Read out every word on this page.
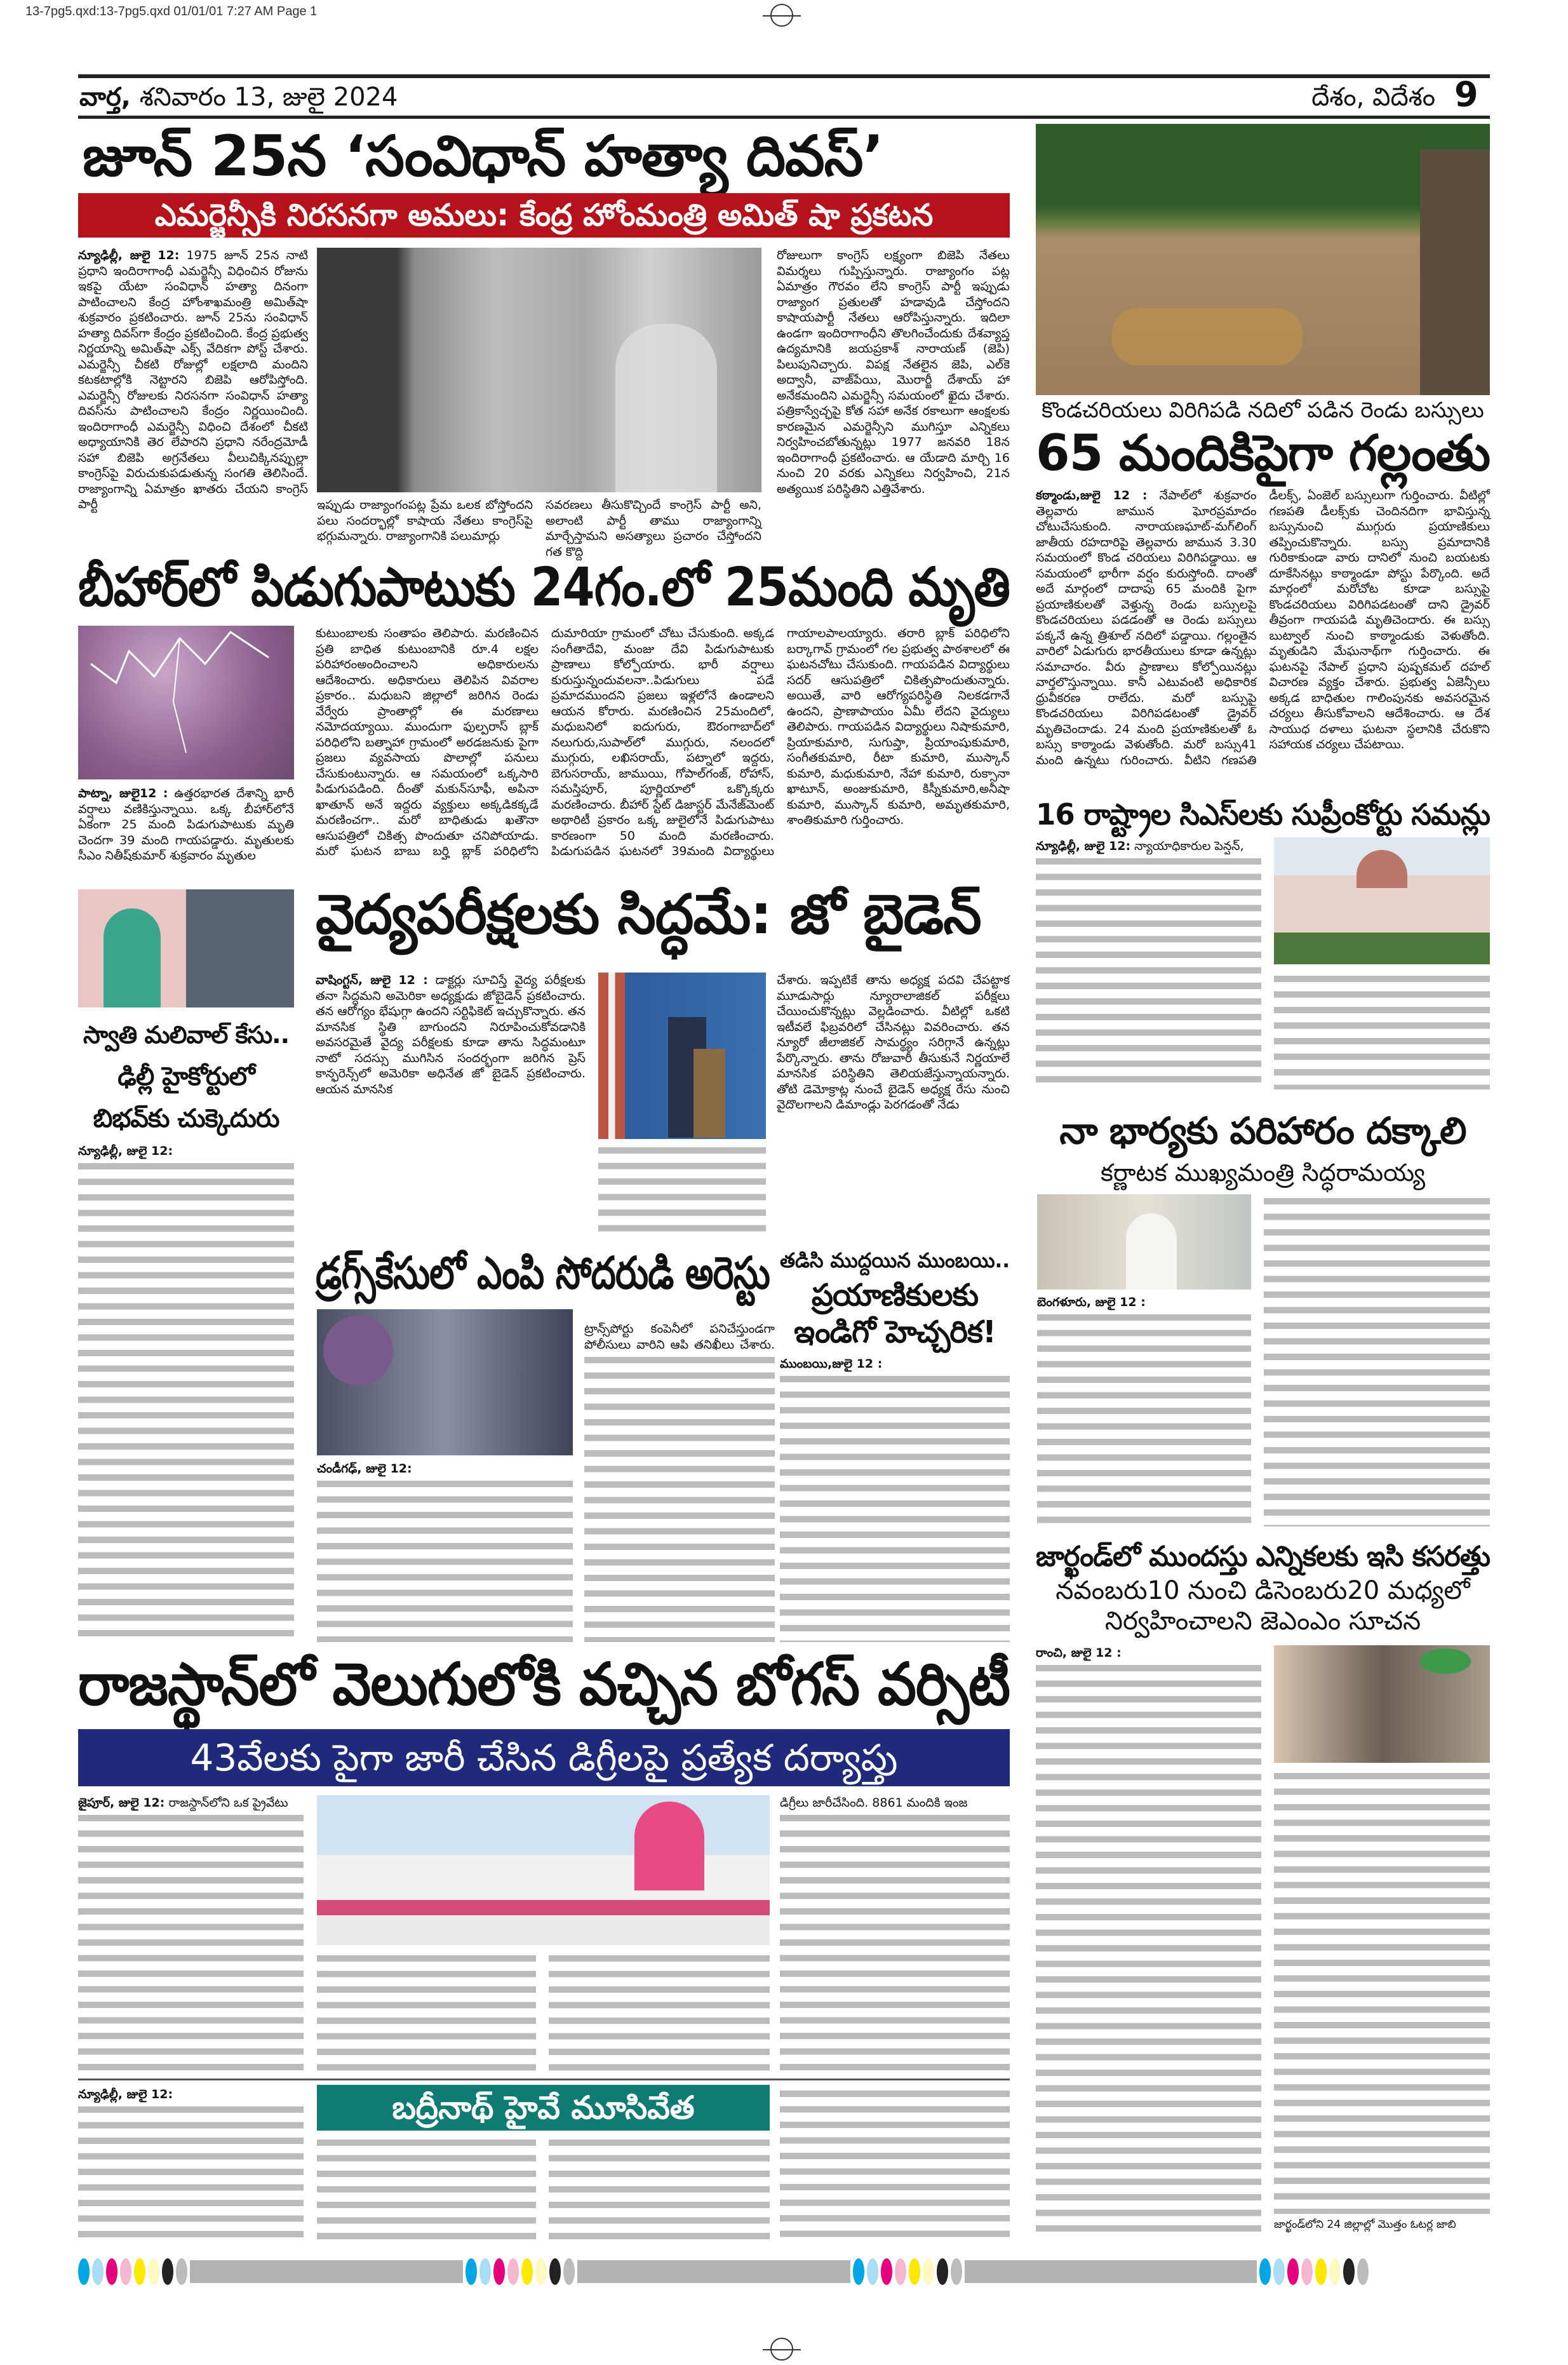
13-7pg5.qxd:13-7pg5.qxd 01/01/01 7:27 AM Page 1
వార్త, శనివారం 13, జులై 2024	దేశం, విదేశం 9
జూన్ 25న ‘సంవిధాన్ హత్యా దివస్’
ఎమర్జెన్సీకి నిరసనగా అమలు: కేంద్ర హోంమంత్రి అమిత్ షా ప్రకటన
న్యూఢిల్లీ, జులై 12: 1975 జూన్ 25న నాటి ప్రధాని ఇందిరాగాంధీ ఎమర్జెన్సీ విధించిన రోజును ఇకపై యేటా సంవిధాన్ హత్యా దినంగా పాటించాలని కేంద్ర హోంశాఖమంత్రి అమిత్‌షా శుక్రవారం ప్రకటించారు. జూన్ 25ను సంవిధాన్ హత్యా దివస్‌గా కేంద్రం ప్రకటించింది. కేంద్ర ప్రభుత్వ నిర్ణయాన్ని అమిత్‌షా ఎక్స్ వేదికగా పోస్ట్ చేశారు. ఎమర్జెన్సీ చీకటి రోజుల్లో లక్షలాది మందిని కటకటాల్లోకి నెట్టారని బిజెపి ఆరోపిస్తోంది. ఎమర్జెన్సీ రోజులకు నిరసనగా సంవిధాన్ హత్యా దివస్‌ను పాటించాలని కేంద్రం నిర్ణయించింది. ఇందిరాగాంధీ ఎమర్జెన్సీ విధించి దేశంలో చీకటి అధ్యాయానికి తెర లేపారని ప్రధాని నరేంద్రమోడీ సహా బిజెపి అగ్రనేతలు వీలుచిక్కినప్పుల్లా కాంగ్రెస్‌పై విరుచుకుపడుతున్న సంగతి తెలిసిందే. రాజ్యాంగాన్ని ఏమాత్రం ఖాతరు చేయని కాంగ్రెస్ పార్టీ	ఇప్పుడు రాజ్యాంగంపట్ల ప్రేమ ఒలక బోస్తోందని పలు సందర్భాల్లో కాషాయ నేతలు కాంగ్రెస్‌పై భగ్గుమన్నారు. రాజ్యాంగానికి పలుమార్లు
సవరణలు తీసుకొచ్చిందే కాంగ్రెస్ పార్టీ అని, అలాంటి పార్టీ తాము రాజ్యాంగాన్ని మార్చేస్తామని అసత్యాలు ప్రచారం చేస్తోందని గత కొద్ది
రోజులుగా కాంగ్రెస్ లక్ష్యంగా బిజెపి నేతలు విమర్శలు గుప్పిస్తున్నారు. రాజ్యాంగం పట్ల ఏమాత్రం గౌరవం లేని కాంగ్రెస్ పార్టీ ఇప్పుడు రాజ్యాంగ ప్రతులతో హడావుడి చేస్తోందని కాషాయపార్టీ నేతలు ఆరోపిస్తున్నారు. ఇదిలా ఉండగా ఇందిరాగాంధీని తొలగించేందుకు దేశవ్యాప్త ఉద్యమానికి జయప్రకాశ్ నారాయణ్ (జెపి) పిలుపునిచ్చారు. విపక్ష నేతలైన జెపి, ఎల్‌కె అద్వానీ, వాజ్‌పేయి, మొరార్జీ దేశాయ్ హా అనేకమందిని ఎమర్జెన్సీ సమయంలో ఖైదు చేశారు. పత్రికాస్వేచ్ఛపై కోత సహా అనేక రకాలుగా ఆంక్షలకు కారణమైన ఎమర్జెన్సీని ముగిస్తూ ఎన్నికలు నిర్వహించబోతున్నట్లు 1977 జనవరి 18న ఇందిరాగాంధీ ప్రకటించారు. ఆ యేడాది మార్చి 16 నుంచి 20 వరకు ఎన్నికలు నిర్వహించి, 21న అత్యయిక పరిస్థితిని ఎత్తివేశారు.
కొండచరియలు విరిగిపడి నదిలో పడిన రెండు బస్సులు
65 మందికిపైగా గల్లంతు
కఠ్మాండు,జులై 12 : నేపాల్‌లో శుక్రవారం తెల్లవారు జామున ఘోరప్రమాదం చోటుచేసుకుంది. నారాయణఘాట్-మగ్‌లింగ్ జాతీయ రహదారిపై తెల్లవారు జామున 3.30 సమయంలో కొండ చరియలు విరిగిపడ్డాయి. ఆ సమయంలో భారీగా వర్షం కురుస్తోంది. దాంతో అదే మార్గంలో దాదాపు 65 మందికి పైగా ప్రయాణికులతో వెళ్తున్న రెండు బస్సులపై కొండచరియలు పడడంతో ఆ రెండు బస్సులు పక్కనే ఉన్న త్రిశూల్ నదిలో పడ్డాయి. గల్లంతైన వారిలో ఏడుగురు భారతీయులు కూడా ఉన్నట్లు సమాచారం. వీరు ప్రాణాలు కోల్పోయినట్లు వార్తలొస్తున్నాయి. కానీ ఎటువంటి అధికారిక ధ్రువీకరణ రాలేదు. మరో బస్సుపై కొండచరియలు విరిగిపడటంతో డ్రైవర్ మృతిచెందాడు. 24 మంది ప్రయాణికులతో ఓ బస్సు కాఠ్మాండు వెళుతోంది. మరో బస్సు41 మంది ఉన్నటు గురించారు. వీటిని గణపతి డీలక్స్, ఏంజెల్ బస్సులుగా గుర్తించారు. వీటిల్లో గణపతి డీలక్స్‌కు చెందినదిగా భావిస్తున్న బస్సునుంచి ముగ్గురు ప్రయాణికులు తప్పించుకొన్నారు. బస్సు ప్రమాదానికి గురికాకుండా వారు దానిలో నుంచి బయటకు దూకేసినట్లు కాఠ్మాండూ పోస్టు పేర్కొంది. అదే మార్గంలో మరోచోట కూడా బస్సుపై కొండచరియలు విరిగిపడటంతో దాని డ్రైవర్ తీవ్రంగా గాయపడి మృతిచెందారు. ఈ బస్సు బుట్వాల్ నుంచి కాఠ్మాండుకు వెళుతోంది. మృతుడిని మేఘనాథ్‌గా గుర్తించారు. ఈ ఘటనపై నేపాల్ ప్రధాని పుష్పకమల్ దహల్ విచారణ వ్యక్తం చేశారు. ప్రభుత్వ ఏజెన్సీలు అక్కడ బాధితుల గాలింపునకు అవసరమైన చర్యలు తీసుకోవాలని ఆదేశించారు. ఆ దేశ సాయుధ దళాలు ఘటనా స్థలానికి చేరుకొని సహాయక చర్యలు చేపటాయి.
బీహార్‌లో పిడుగుపాటుకు 24గం.లో 25మంది మృతి
పాట్నా, జులై12 : ఉత్తరభారత దేశాన్ని భారీ వర్షాలు వణికిస్తున్నాయి. ఒక్క బీహార్‌లోనే ఏకంగా 25 మంది పిడుగుపాటుకు మృతి చెందగా 39 మంది గాయపడ్డారు. మృతులకు సీఎం నితీష్‌కుమార్ శుక్రవారం మృతుల
కుటుంబాలకు సంతాపం తెలిపారు. మరణించిన ప్రతి బాధిత కుటుంబానికి రూ.4 లక్షల పరిహారంఅందించాలని అధికారులను ఆదేశించారు. అధికారులు తెలిపిన వివరాల ప్రకారం.. మధుబని జిల్లాలో జరిగిన రెండు వేర్వేరు ప్రాంతాల్లో ఈ మరణాలు నమోదయ్యాయి. ముందుగా ఫుల్పరాస్ బ్లాక్ పరిధిలోని బత్నాహా గ్రామంలో అరడజనుకు పైగా ప్రజలు వ్యవసాయ పొలాల్లో పనులు చేసుకుంటున్నారు. ఆ సమయంలో ఒక్కసారి పిడుగుపడింది. దీంతో మకున్‌సూఫీ, అపినా ఖాతూన్ అనే ఇద్దరు వ్యక్తులు అక్కడికక్కడే మరణించగా.. మరో బాధితుడు ఖతౌనా ఆసుపత్రిలో చికిత్స పొందుతూ చనిపోయాడు. మరో ఘటన బాబు బర్హి బ్లాక్ పరిధిలోని దుమారియా గ్రామంలో చోటు చేసుకుంది. అక్కడ సంగీతాదేవి, మంజు దేవి పిడుగుపాటుకు ప్రాణాలు కోల్పోయారు. భారీ వర్షాలు కురుస్తున్నందువలనా..పిడుగులు పడే ప్రమాదముందని ప్రజలు ఇళ్లలోనే ఉండాలని ఆయన కోరారు. మరణించిన 25మందిలో, మధుబనిలో ఐదుగురు, ఔరంగాబాద్‌లో నలుగురు,సుపాల్‌లో ముగ్గురు, నలందలో ముగ్గురు, లఖిసరాయ్, పట్నాలో ఇద్దరు, బెగుసరాయ్, జాముయి, గోపాల్‌గంజ్, రోహాస్, సమస్తిపూర్, పూర్ణియాలో ఒక్కొక్కరు మరణించారు. బీహార్ స్టేట్ డిజాస్టర్ మేనేజ్‌మెంట్ అథారిటీ ప్రకారం ఒక్క జులైలోనే పిడుగుపాటు కారణంగా 50 మంది మరణించారు. పిడుగుపడిన ఘటనలో 39మంది విద్యార్థులు గాయాలపాలయ్యారు. తరారి బ్లాక్ పరిధిలోని బర్కాగావ్ గ్రామంలో గల ప్రభుత్వ పాఠశాలలో ఈ ఘటనచోటు చేసుకుంది. గాయపడిన విద్యార్థులు సదర్ ఆసుపత్రిలో చికిత్సపొందుతున్నారు. అయితే, వారి ఆరోగ్యపరిస్థితి నిలకడగానే ఉందని, ప్రాణాపాయం ఏమీ లేదని వైద్యులు తెలిపారు. గాయపడిన విద్యార్థులు నిషాకుమారి, ప్రియాకుమారి, సుగుప్తా, ప్రియాంషుకుమారి, సంగీతకుమారి, రీటా కుమారి, ముస్కాన్ కుమారి, మధుకుమారి, నేహా కుమారి, రుక్సానా ఖాటూన్, అంజుకుమారి, కిస్నీకుమారి,అనీషా కుమారి, ముస్కాన్ కుమారి, అమృతకుమారి, శాంతికుమారి గుర్తించారు.	16 రాష్ట్రాల సిఎస్‌లకు సుప్రీంకోర్టు సమన్లు
న్యూఢిల్లీ, జులై 12: న్యాయాధికారుల పెన్షన్,
స్వాతి మలివాల్ కేసు..
ఢిల్లీ హైకోర్టులో
బిభవ్‌కు చుక్కెదురు
న్యూఢిల్లీ, జులై 12:
వైద్యపరీక్షలకు సిద్ధమే: జో బైడెన్
వాషింగ్టన్, జులై 12 : డాక్టర్లు సూచిస్తే వైద్య పరీక్షలకు తనా సిద్ధమని అమెరికా అధ్యక్షుడు జోబైడెన్ ప్రకటించారు. తన ఆరోగ్యం భేషుగ్గా ఉందని సర్టిఫికెట్ ఇచ్చుకొన్నారు. తన మానసిక స్థితి బాగుందని నిరూపించుకోవడానికి అవసరమైతే వైద్య పరీక్షలకు కూడా తాను సిద్ధమంటూ నాటో సదస్సు ముగిసిన సందర్భంగా జరిగిన ప్రెస్ కాన్ఫరెన్స్‌లో అమెరికా అధినేత జో బైడెన్ ప్రకటించారు. ఆయన మానసిక
చేశారు. ఇప్పటికే తాను అధ్యక్ష పదవి చేపట్టాక మూడుసార్లు న్యూరాలాజికల్ పరీక్షలు చేయించుకొన్నట్లు వెల్లడించారు. వీటిల్లో ఒకటి ఇటీవలే ఫిబ్రవరిలో చేసినట్లు వివరించారు. తన న్యూరో జీలాజికల్ సామర్థ్యం సరిగ్గానే ఉన్నట్లు పేర్కొన్నారు. తాను రోజువారీ తీసుకునే నిర్ణయాలే మానసిక పరిస్థితిని తెలియజేస్తున్నాయన్నారు. తోటి డెమోక్రాట్ల నుంచే బైడెన్ అధ్యక్ష రేసు నుంచి వైదొలగాలని డిమాండ్లు పెరగడంతో నేడు
నా భార్యకు పరిహారం దక్కాలి
కర్ణాటక ముఖ్యమంత్రి సిద్ధరామయ్య
బెంగళూరు, జులై 12 :
డ్రగ్స్‌కేసులో ఎంపి సోదరుడి అరెస్టు
చండీగఢ్, జులై 12:
ట్రాన్స్‌పోర్టు కంపెనీలో పనిచేస్తుండగా పోలీసులు వారిని ఆపి తనిఖీలు చేశారు.
తడిసి ముద్దయిన ముంబయి..
ప్రయాణికులకు
ఇండిగో హెచ్చరిక!
ముంబయి,జులై 12 :
జార్ఖండ్‌లో ముందస్తు ఎన్నికలకు ఇసి కసరత్తు
నవంబరు10 నుంచి డిసెంబరు20 మధ్యలో
నిర్వహించాలని జెఎంఎం సూచన
రాంచి, జులై 12 :
జార్ఖండ్‌లోని 24 జిల్లాల్లో మొత్తం ఓటర్ల జాబి
రాజస్థాన్‌లో వెలుగులోకి వచ్చిన బోగస్ వర్సిటీ
43వేలకు పైగా జారీ చేసిన డిగ్రీలపై ప్రత్యేక దర్యాప్తు
జైపూర్, జులై 12: రాజస్థాన్‌లోని ఒక ప్రైవేటు	డిగ్రీలు జారీచేసింది. 8861 మందికి ఇంజ
న్యూఢిల్లీ, జులై 12:	బద్రీనాథ్ హైవే మూసివేత
